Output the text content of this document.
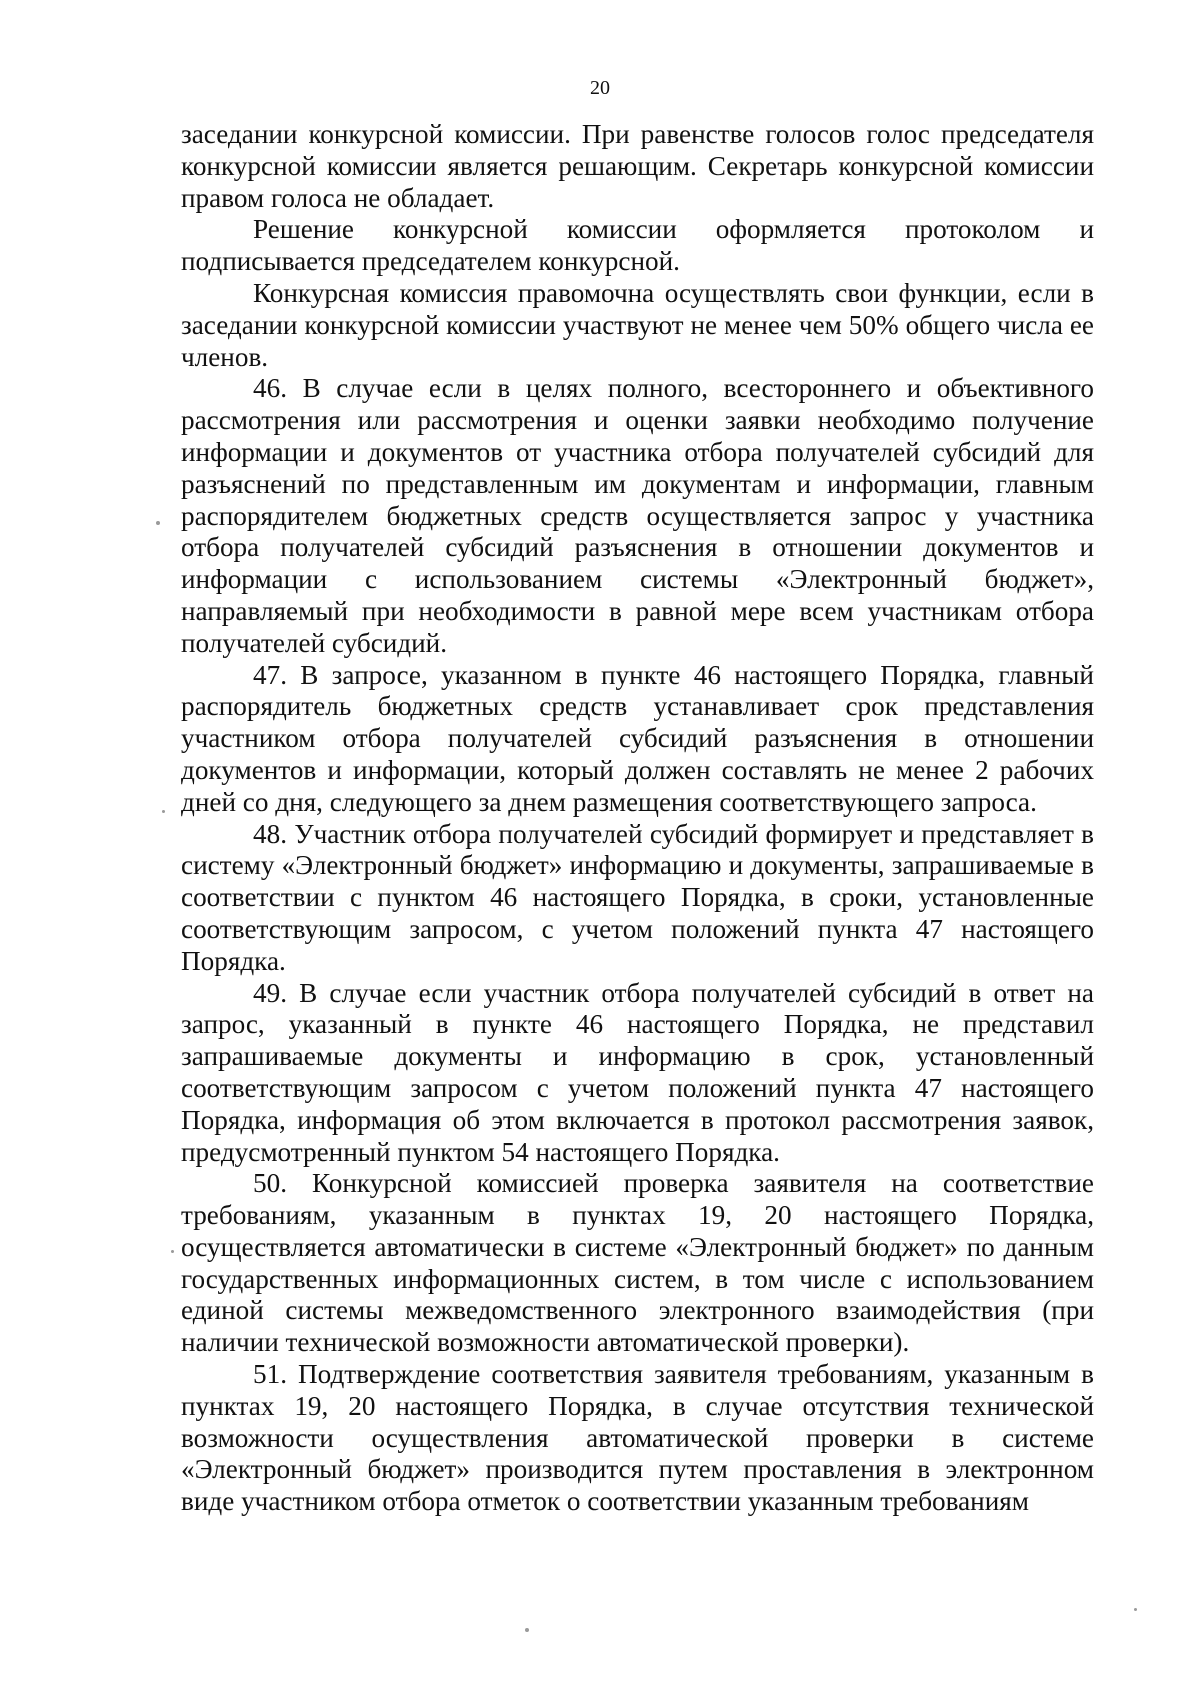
20

заседании конкурсной комиссии. При равенстве голосов голос председателя конкурсной комиссии является решающим. Секретарь конкурсной комиссии правом голоса не обладает.

Решение конкурсной комиссии оформляется протоколом и подписывается председателем конкурсной.

Конкурсная комиссия правомочна осуществлять свои функции, если в заседании конкурсной комиссии участвуют не менее чем 50% общего числа ее членов.

46. В случае если в целях полного, всестороннего и объективного рассмотрения или рассмотрения и оценки заявки необходимо получение информации и документов от участника отбора получателей субсидий для разъяснений по представленным им документам и информации, главным распорядителем бюджетных средств осуществляется запрос у участника отбора получателей субсидий разъяснения в отношении документов и информации с использованием системы «Электронный бюджет», направляемый при необходимости в равной мере всем участникам отбора получателей субсидий.

47. В запросе, указанном в пункте 46 настоящего Порядка, главный распорядитель бюджетных средств устанавливает срок представления участником отбора получателей субсидий разъяснения в отношении документов и информации, который должен составлять не менее 2 рабочих дней со дня, следующего за днем размещения соответствующего запроса.

48. Участник отбора получателей субсидий формирует и представляет в систему «Электронный бюджет» информацию и документы, запрашиваемые в соответствии с пунктом 46 настоящего Порядка, в сроки, установленные соответствующим запросом, с учетом положений пункта 47 настоящего Порядка.

49. В случае если участник отбора получателей субсидий в ответ на запрос, указанный в пункте 46 настоящего Порядка, не представил запрашиваемые документы и информацию в срок, установленный соответствующим запросом с учетом положений пункта 47 настоящего Порядка, информация об этом включается в протокол рассмотрения заявок, предусмотренный пунктом 54 настоящего Порядка.

50. Конкурсной комиссией проверка заявителя на соответствие требованиям, указанным в пунктах 19, 20 настоящего Порядка, осуществляется автоматически в системе «Электронный бюджет» по данным государственных информационных систем, в том числе с использованием единой системы межведомственного электронного взаимодействия (при наличии технической возможности автоматической проверки).

51. Подтверждение соответствия заявителя требованиям, указанным в пунктах 19, 20 настоящего Порядка, в случае отсутствия технической возможности осуществления автоматической проверки в системе «Электронный бюджет» производится путем проставления в электронном виде участником отбора отметок о соответствии указанным требованиям
